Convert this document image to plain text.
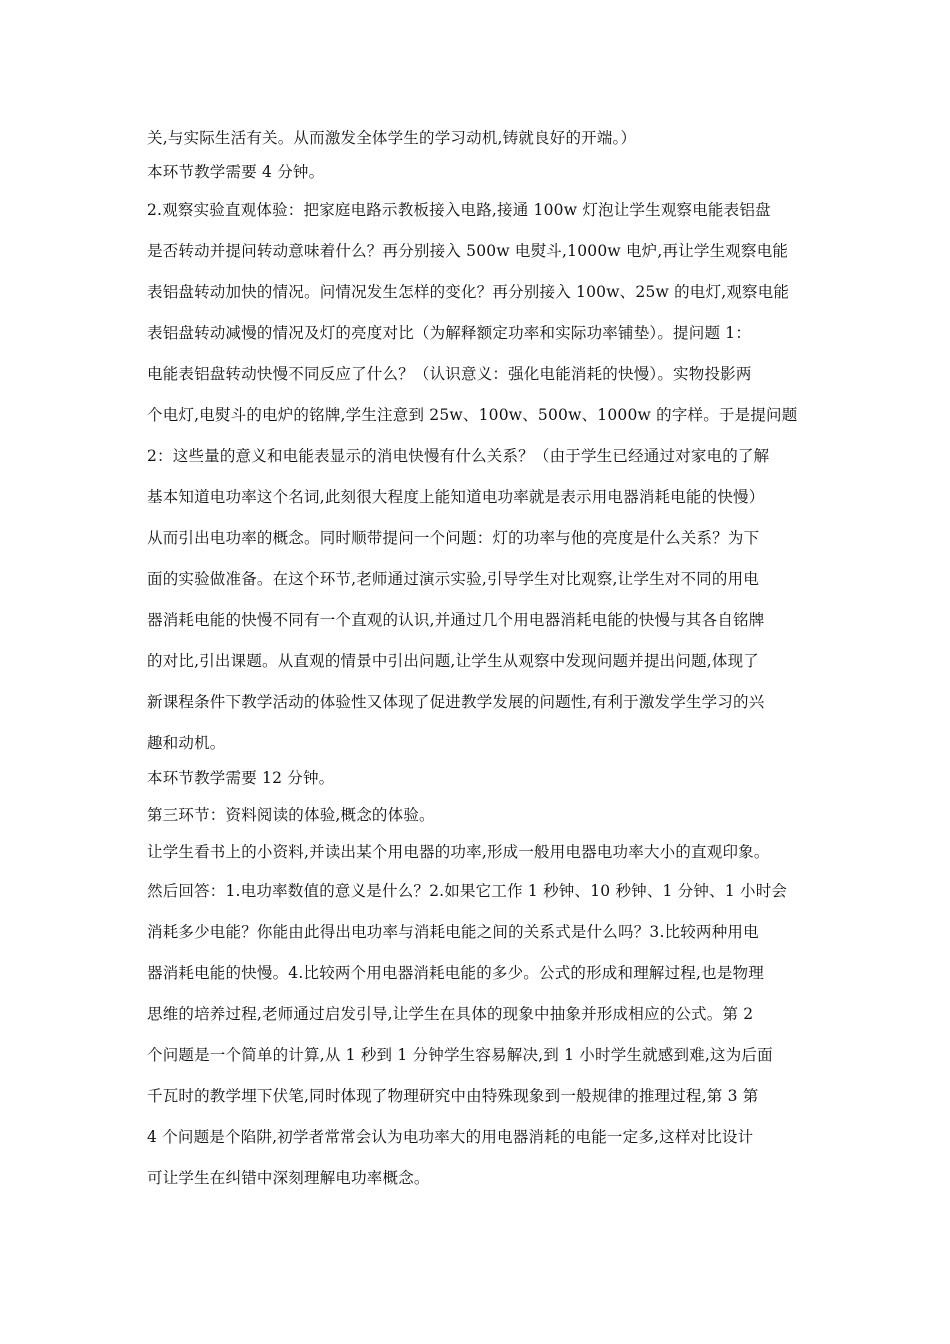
关,与实际生活有关。从而激发全体学生的学习动机,铸就良好的开端。）
本环节教学需要 4 分钟。
2.观察实验直观体验：把家庭电路示教板接入电路,接通 100w 灯泡让学生观察电能表铝盘
是否转动并提问转动意味着什么？再分别接入 500w 电熨斗,1000w 电炉,再让学生观察电能
表铝盘转动加快的情况。问情况发生怎样的变化？再分别接入 100w、25w 的电灯,观察电能
表铝盘转动减慢的情况及灯的亮度对比（为解释额定功率和实际功率铺垫）。提问题 1：
电能表铝盘转动快慢不同反应了什么？（认识意义：强化电能消耗的快慢）。实物投影两
个电灯,电熨斗的电炉的铭牌,学生注意到 25w、100w、500w、1000w 的字样。于是提问题
2：这些量的意义和电能表显示的消电快慢有什么关系？（由于学生已经通过对家电的了解
基本知道电功率这个名词,此刻很大程度上能知道电功率就是表示用电器消耗电能的快慢）
从而引出电功率的概念。同时顺带提问一个问题：灯的功率与他的亮度是什么关系？为下
面的实验做准备。在这个环节,老师通过演示实验,引导学生对比观察,让学生对不同的用电
器消耗电能的快慢不同有一个直观的认识,并通过几个用电器消耗电能的快慢与其各自铭牌
的对比,引出课题。从直观的情景中引出问题,让学生从观察中发现问题并提出问题,体现了
新课程条件下教学活动的体验性又体现了促进教学发展的问题性,有利于激发学生学习的兴
趣和动机。
本环节教学需要 12 分钟。
第三环节：资料阅读的体验,概念的体验。
让学生看书上的小资料,并读出某个用电器的功率,形成一般用电器电功率大小的直观印象。
然后回答：1.电功率数值的意义是什么？2.如果它工作 1 秒钟、10 秒钟、1 分钟、1 小时会
消耗多少电能？你能由此得出电功率与消耗电能之间的关系式是什么吗？3.比较两种用电
器消耗电能的快慢。4.比较两个用电器消耗电能的多少。公式的形成和理解过程,也是物理
思维的培养过程,老师通过启发引导,让学生在具体的现象中抽象并形成相应的公式。第 2
个问题是一个简单的计算,从 1 秒到 1 分钟学生容易解决,到 1 小时学生就感到难,这为后面
千瓦时的教学埋下伏笔,同时体现了物理研究中由特殊现象到一般规律的推理过程,第 3 第
4 个问题是个陷阱,初学者常常会认为电功率大的用电器消耗的电能一定多,这样对比设计
可让学生在纠错中深刻理解电功率概念。
